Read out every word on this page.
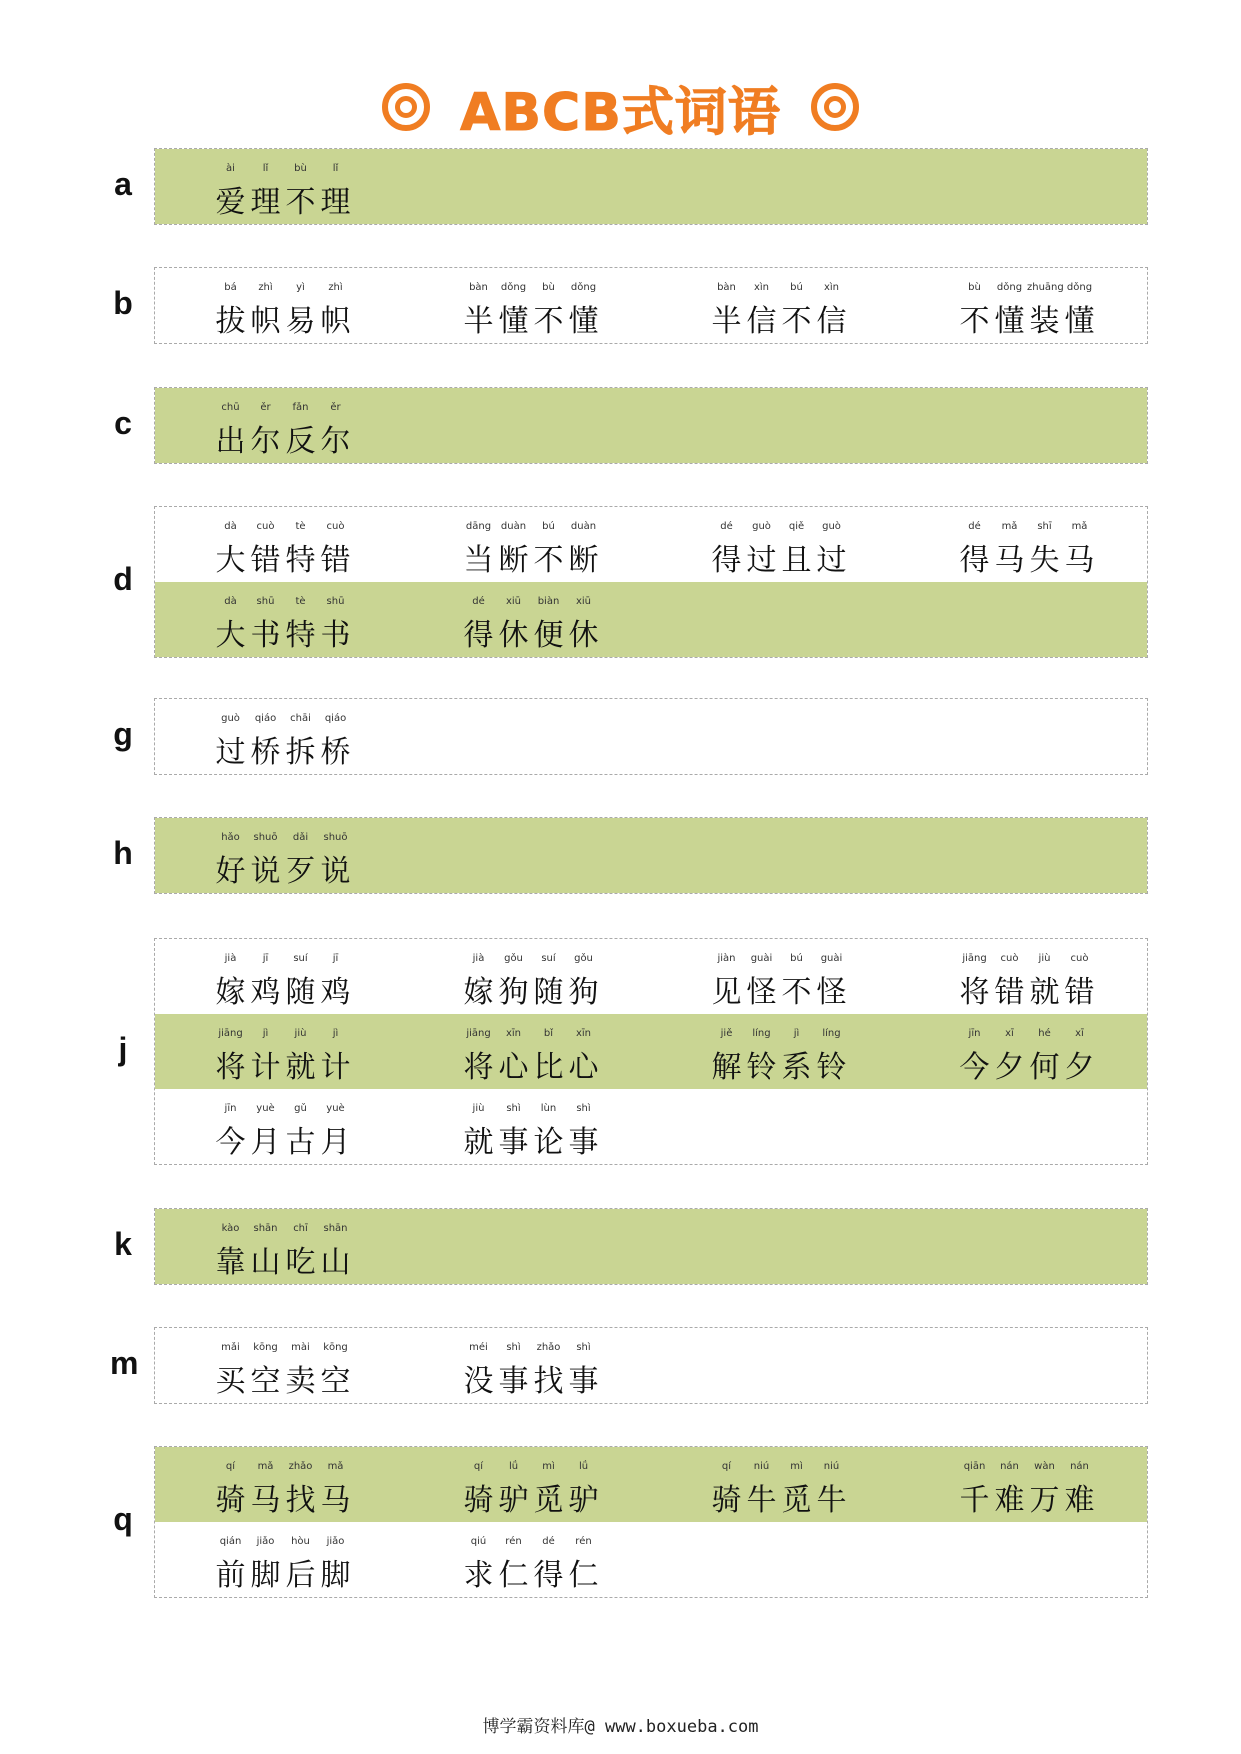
ABCB式词语
a	ài	lǐ	bù	lǐ
爱 理 不 理
b	bá	zhì	yì	zhì
拔 帜 易 帜
bàn	dǒng	bù	dǒng
半 懂 不 懂
bàn	xìn	bú	xìn
半 信 不 信
bù	dǒng zhuāng dǒng
不 懂 装 懂
c	chū	ěr	fǎn	ěr
出 尔 反 尔
d
dà	cuò	tè	cuò
大 错 特 错
dāng duàn	bú	duàn
当 断 不 断
dé	guò	qiě	guò
得 过 且 过
dé	mǎ	shī	mǎ
得 马 失 马
dà	shū	tè	shū
大 书 特 书
dé	xiū	biàn	xiū
得 休 便 休
g	guò	qiáo	chāi	qiáo
过 桥 拆 桥
h	hǎo	shuō	dǎi	shuō
好 说 歹 说
j
jià	jī	suí	jī
嫁 鸡 随 鸡
jià	gǒu	suí	gǒu
嫁 狗 随 狗
jiàn	guài	bú	guài
见 怪 不 怪
jiāng	cuò	jiù	cuò
将 错 就 错
jiāng	jì	jiù	jì
将 计 就 计
jiāng	xīn	bǐ	xīn
将 心 比 心
jiě	líng	jì	líng
解 铃 系 铃
jīn	xī	hé	xī
今 夕 何 夕
jīn	yuè	gǔ	yuè
今 月 古 月
jiù	shì	lùn	shì
就 事 论 事
k	kào	shān	chī	shān
靠 山 吃 山
m	mǎi	kōng	mài	kōng
买 空 卖 空
méi	shì	zhǎo	shì
没 事 找 事
q
qí	mǎ	zhǎo	mǎ
骑 马 找 马
qí	lǘ	mì	lǘ
骑 驴 觅 驴
qí	niú	mì	niú
骑 牛 觅 牛
qiān	nán	wàn	nán
千 难 万 难
qián	jiǎo	hòu	jiǎo
前 脚 后 脚
qiú	rén	dé	rén
求 仁 得 仁
博学霸资料库@ www.boxueba.com
